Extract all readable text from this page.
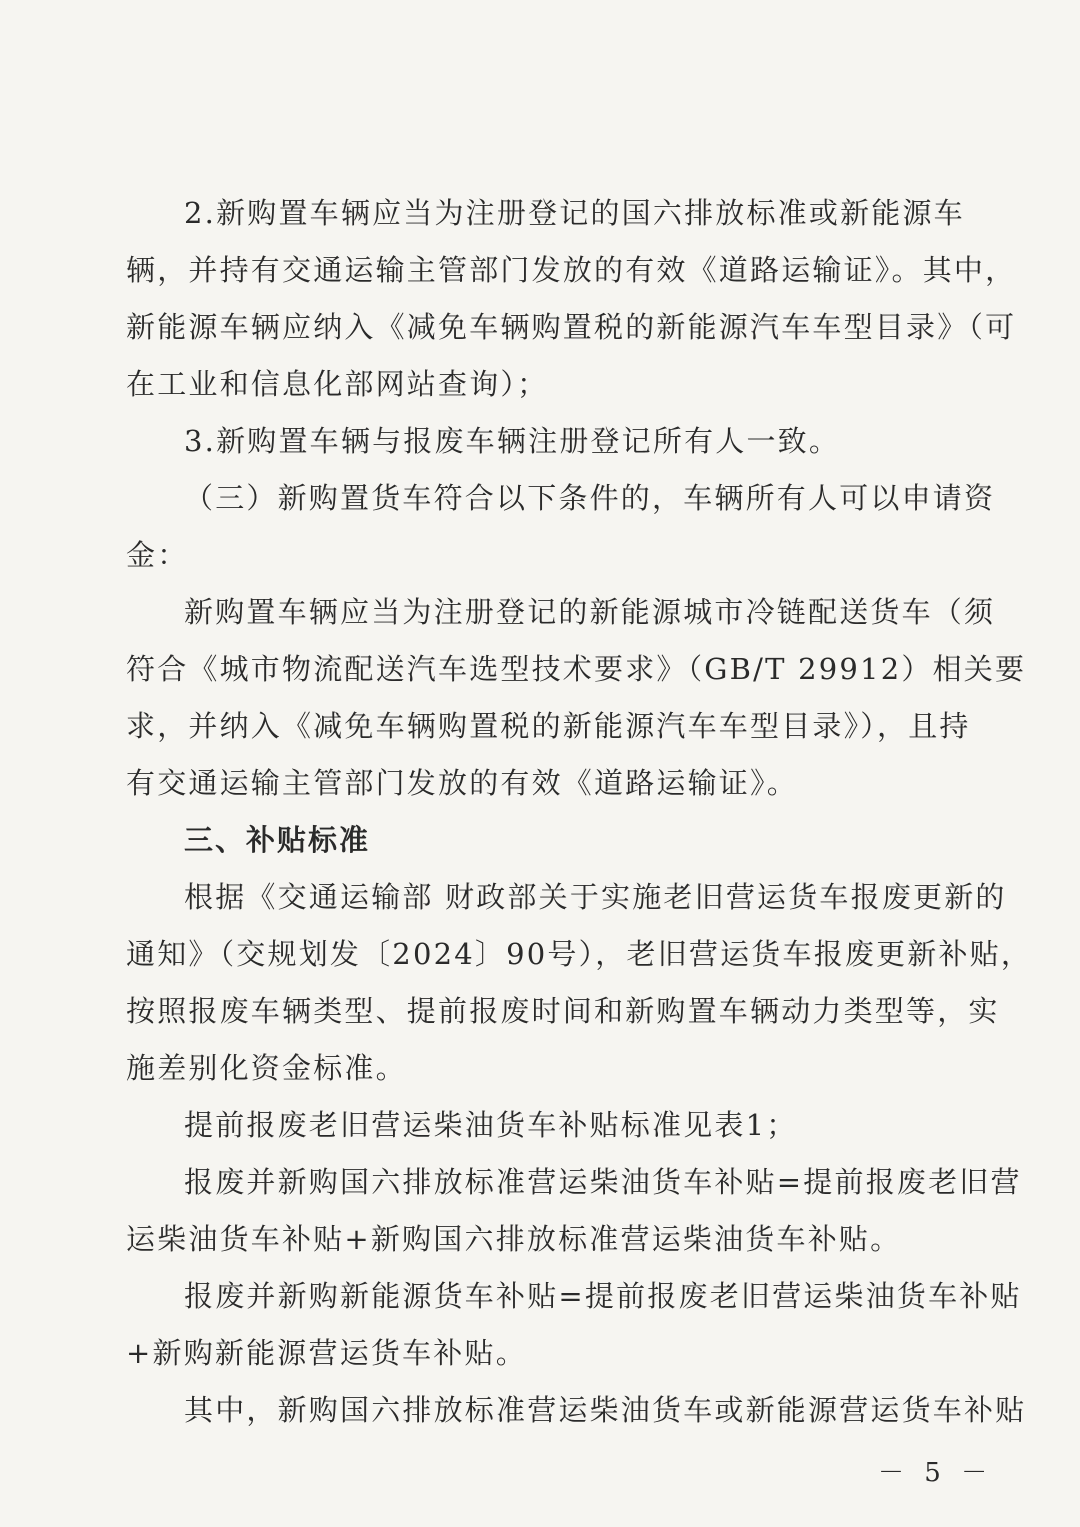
2.新购置车辆应当为注册登记的国六排放标准或新能源车
辆，并持有交通运输主管部门发放的有效《道路运输证》。其中，
新能源车辆应纳入《减免车辆购置税的新能源汽车车型目录》（可
在工业和信息化部网站查询）；
3.新购置车辆与报废车辆注册登记所有人一致。
（三）新购置货车符合以下条件的，车辆所有人可以申请资
金：
新购置车辆应当为注册登记的新能源城市冷链配送货车（须
符合《城市物流配送汽车选型技术要求》（GB/T 29912）相关要
求，并纳入《减免车辆购置税的新能源汽车车型目录》），且持
有交通运输主管部门发放的有效《道路运输证》。
三、补贴标准
根据《交通运输部 财政部关于实施老旧营运货车报废更新的
通知》（交规划发〔2024〕90号），老旧营运货车报废更新补贴，
按照报废车辆类型、提前报废时间和新购置车辆动力类型等，实
施差别化资金标准。
提前报废老旧营运柴油货车补贴标准见表1；
报废并新购国六排放标准营运柴油货车补贴=提前报废老旧营
运柴油货车补贴+新购国六排放标准营运柴油货车补贴。
报废并新购新能源货车补贴=提前报废老旧营运柴油货车补贴
+新购新能源营运货车补贴。
其中，新购国六排放标准营运柴油货车或新能源营运货车补贴
－ 5 －
